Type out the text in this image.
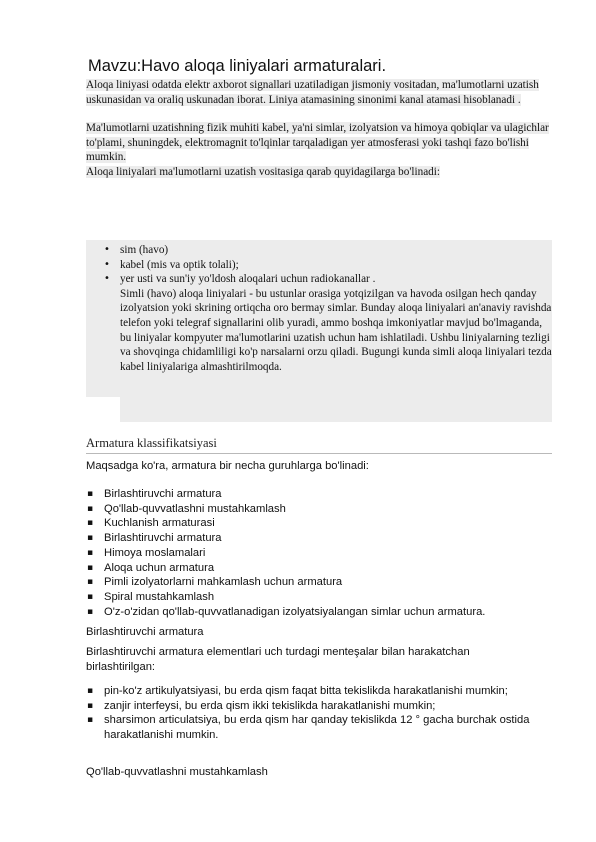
Mavzu:Havo aloqa liniyalari armaturalari.

Aloqa liniyasi odatda elektr axborot signallari uzatiladigan jismoniy vositadan, ma'lumotlarni uzatish uskunasidan va oraliq uskunadan iborat. Liniya atamasining sinonimi kanal atamasi hisoblanadi .

Ma'lumotlarni uzatishning fizik muhiti kabel, ya'ni simlar, izolyatsion va himoya qobiqlar va ulagichlar to'plami, shuningdek, elektromagnit to'lqinlar tarqaladigan yer atmosferasi yoki tashqi fazo bo'lishi mumkin.

Aloqa liniyalari ma'lumotlarni uzatish vositasiga qarab quyidagilarga bo'linadi:

• sim (havo)
• kabel (mis va optik tolali);
• yer usti va sun'iy yo'ldosh aloqalari uchun radiokanallar .
Simli (havo) aloqa liniyalari - bu ustunlar orasiga yotqizilgan va havoda osilgan hech qanday izolyatsion yoki skrining ortiqcha oro bermay simlar. Bunday aloqa liniyalari an'anaviy ravishda telefon yoki telegraf signallarini olib yuradi, ammo boshqa imkoniyatlar mavjud bo'lmaganda, bu liniyalar kompyuter ma'lumotlarini uzatish uchun ham ishlatiladi. Ushbu liniyalarning tezligi va shovqinga chidamliligi ko'p narsalarni orzu qiladi. Bugungi kunda simli aloqa liniyalari tezda kabel liniyalariga almashtirilmoqda.
Armatura klassifikatsiyasi
Maqsadga ko'ra, armatura bir necha guruhlarga bo'linadi:
▪ Birlashtiruvchi armatura
▪ Qo'llab-quvvatlashni mustahkamlash
▪ Kuchlanish armaturasi
▪ Birlashtiruvchi armatura
▪ Himoya moslamalari
▪ Aloqa uchun armatura
▪ Pimli izolyatorlarni mahkamlash uchun armatura
▪ Spiral mustahkamlash
▪ O'z-o'zidan qo'llab-quvvatlanadigan izolyatsiyalangan simlar uchun armatura.
Birlashtiruvchi armatura
Birlashtiruvchi armatura elementlari uch turdagi menteşalar bilan harakatchan birlashtirilgan:
▪ pin-ko'z artikulyatsiyasi, bu erda qism faqat bitta tekislikda harakatlanishi mumkin;
▪ zanjir interfeysi, bu erda qism ikki tekislikda harakatlanishi mumkin;
▪ sharsimon articulatsiya, bu erda qism har qanday tekislikda 12 ° gacha burchak ostida harakatlanishi mumkin.
Qo'llab-quvvatlashni mustahkamlash
